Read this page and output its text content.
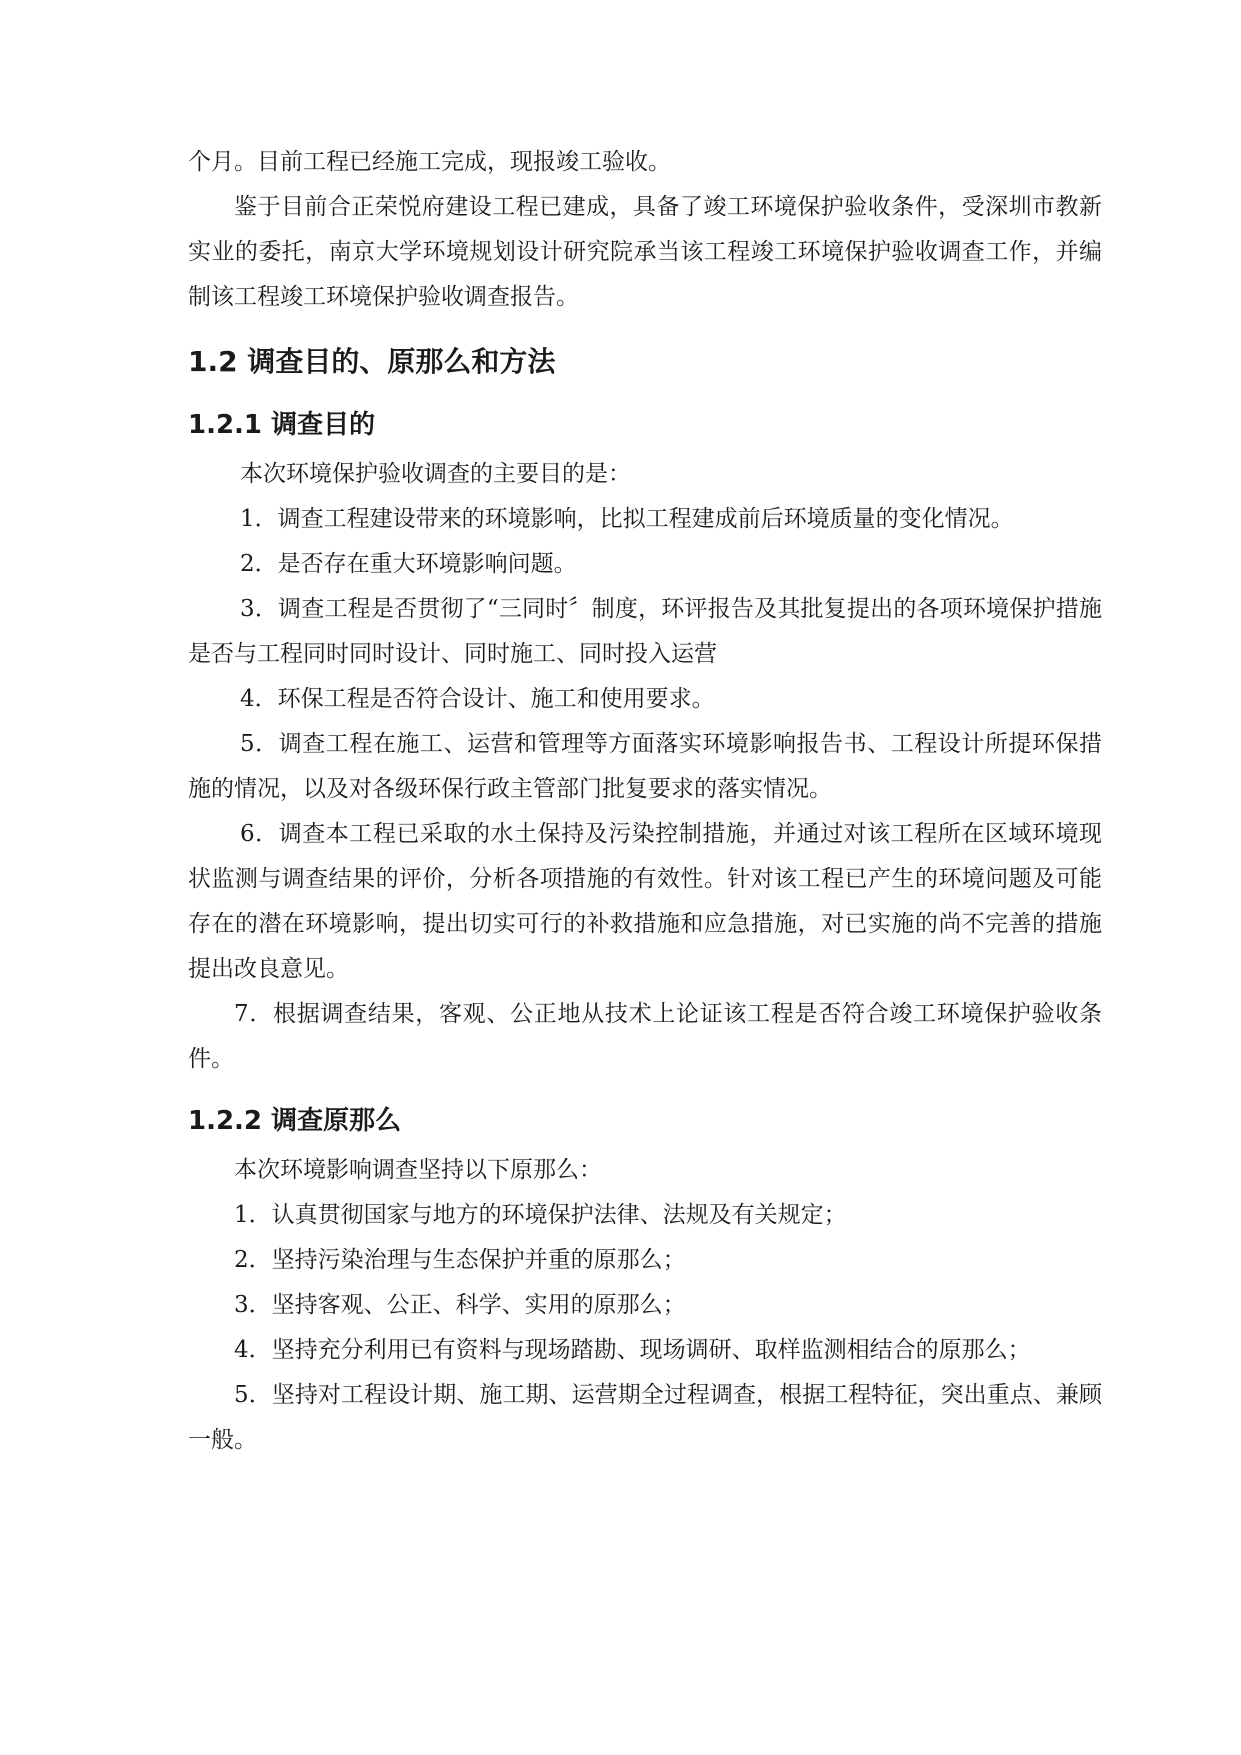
个月。目前工程已经施工完成，现报竣工验收。

鉴于目前合正荣悦府建设工程已建成，具备了竣工环境保护验收条件，受深圳市教新实业的委托，南京大学环境规划设计研究院承当该工程竣工环境保护验收调查工作，并编制该工程竣工环境保护验收调查报告。

1.2 调查目的、原那么和方法
1.2.1 调查目的

本次环境保护验收调查的主要目的是：

1．调查工程建设带来的环境影响，比拟工程建成前后环境质量的变化情况。

2．是否存在重大环境影响问题。

3．调查工程是否贯彻了“三同时〞制度，环评报告及其批复提出的各项环境保护措施是否与工程同时同时设计、同时施工、同时投入运营

4．环保工程是否符合设计、施工和使用要求。

5．调查工程在施工、运营和管理等方面落实环境影响报告书、工程设计所提环保措施的情况，以及对各级环保行政主管部门批复要求的落实情况。

6．调查本工程已采取的水土保持及污染控制措施，并通过对该工程所在区域环境现状监测与调查结果的评价，分析各项措施的有效性。针对该工程已产生的环境问题及可能存在的潜在环境影响，提出切实可行的补救措施和应急措施，对已实施的尚不完善的措施提出改良意见。

7．根据调查结果，客观、公正地从技术上论证该工程是否符合竣工环境保护验收条件。

1.2.2 调查原那么

本次环境影响调查坚持以下原那么：

1．认真贯彻国家与地方的环境保护法律、法规及有关规定；

2．坚持污染治理与生态保护并重的原那么；

3．坚持客观、公正、科学、实用的原那么；

4．坚持充分利用已有资料与现场踏勘、现场调研、取样监测相结合的原那么；

5．坚持对工程设计期、施工期、运营期全过程调查，根据工程特征，突出重点、兼顾一般。
